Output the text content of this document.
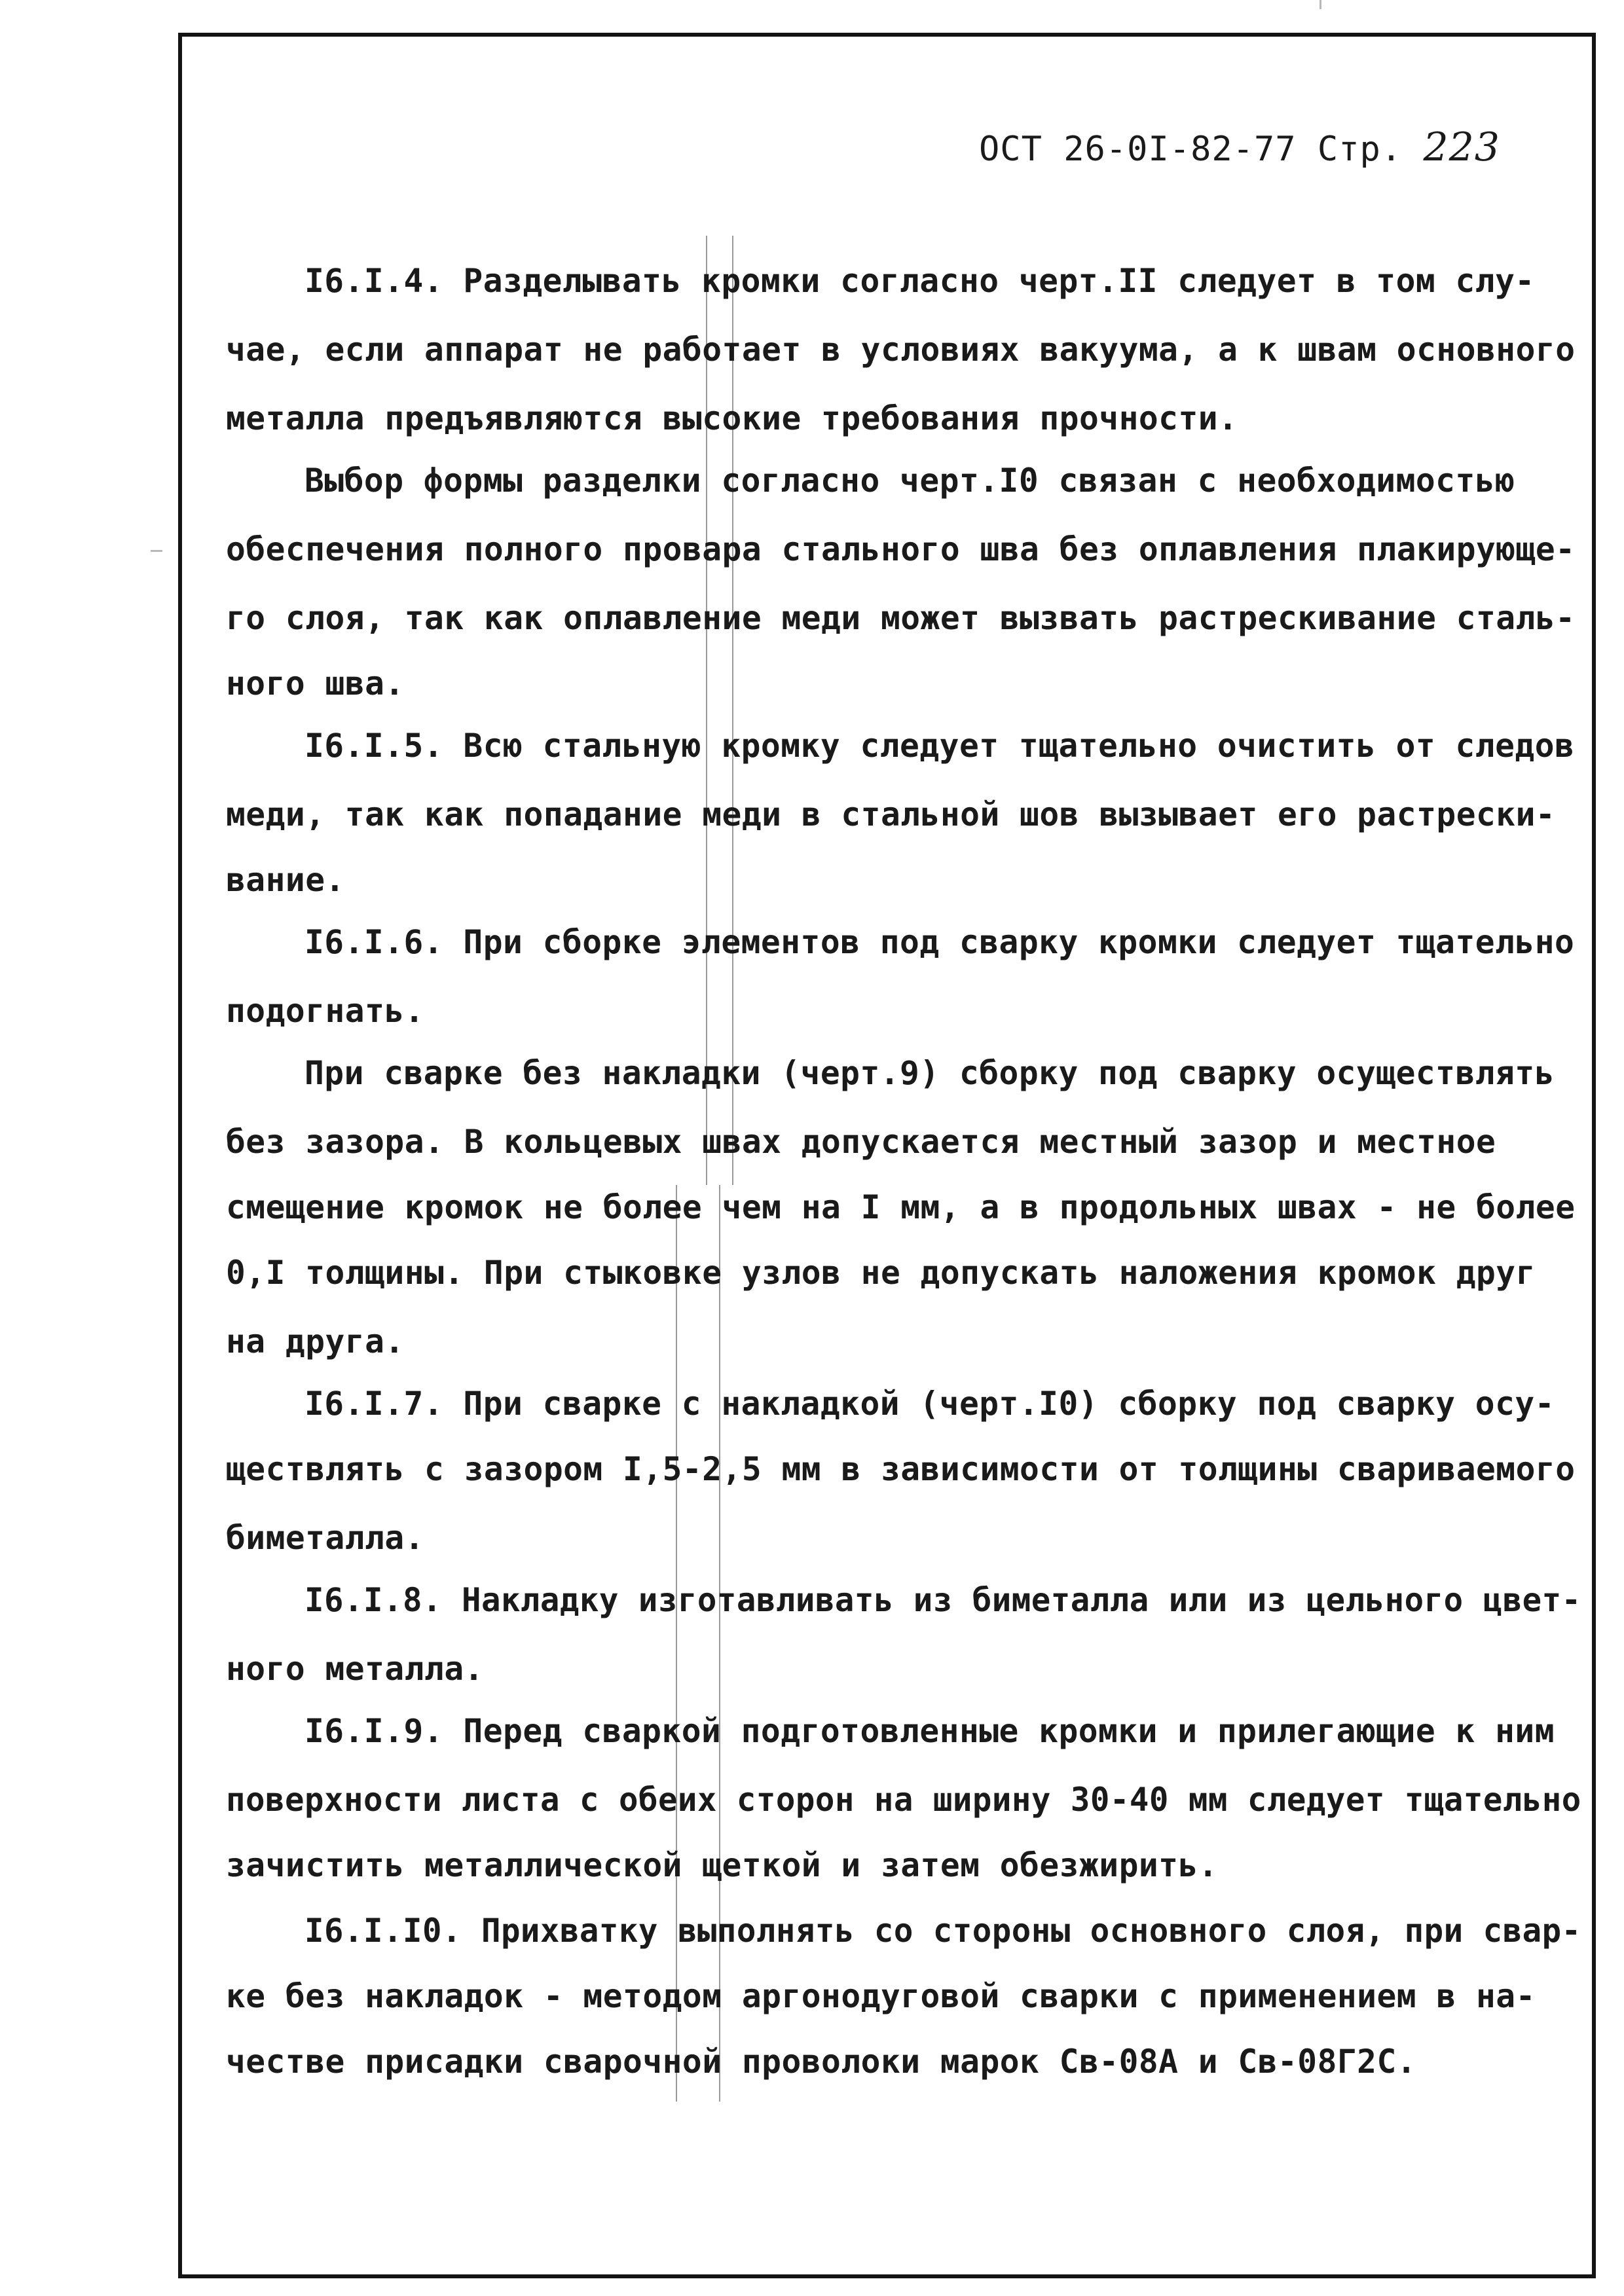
ОСТ 26-0I-82-77 Стр. 223
I6.I.4. Разделывать кромки согласно черт.II следует в том слу-
чае, если аппарат не работает в условиях вакуума, а к швам основного
металла предъявляются высокие требования прочности.
Выбор формы разделки согласно черт.I0 связан с необходимостью
обеспечения полного провара стального шва без оплавления плакирующе-
го слоя, так как оплавление меди может вызвать растрескивание сталь-
ного шва.
I6.I.5. Всю стальную кромку следует тщательно очистить от следов
меди, так как попадание меди в стальной шов вызывает его растрески-
вание.
I6.I.6. При сборке элементов под сварку кромки следует тщательно
подогнать.
При сварке без накладки (черт.9) сборку под сварку осуществлять
без зазора. В кольцевых швах допускается местный зазор и местное
смещение кромок не более чем на I мм, а в продольных швах - не более
0,I толщины. При стыковке узлов не допускать наложения кромок друг
на друга.
I6.I.7. При сварке с накладкой (черт.I0) сборку под сварку осу-
ществлять с зазором I,5-2,5 мм в зависимости от толщины свариваемого
биметалла.
I6.I.8. Накладку изготавливать из биметалла или из цельного цвет-
ного металла.
I6.I.9. Перед сваркой подготовленные кромки и прилегающие к ним
поверхности листа с обеих сторон на ширину 30-40 мм следует тщательно
зачистить металлической щеткой и затем обезжирить.
I6.I.I0. Прихватку выполнять со стороны основного слоя, при свар-
ке без накладок - методом аргонодуговой сварки с применением в на-
честве присадки сварочной проволоки марок Св-08А и Св-08Г2С.
